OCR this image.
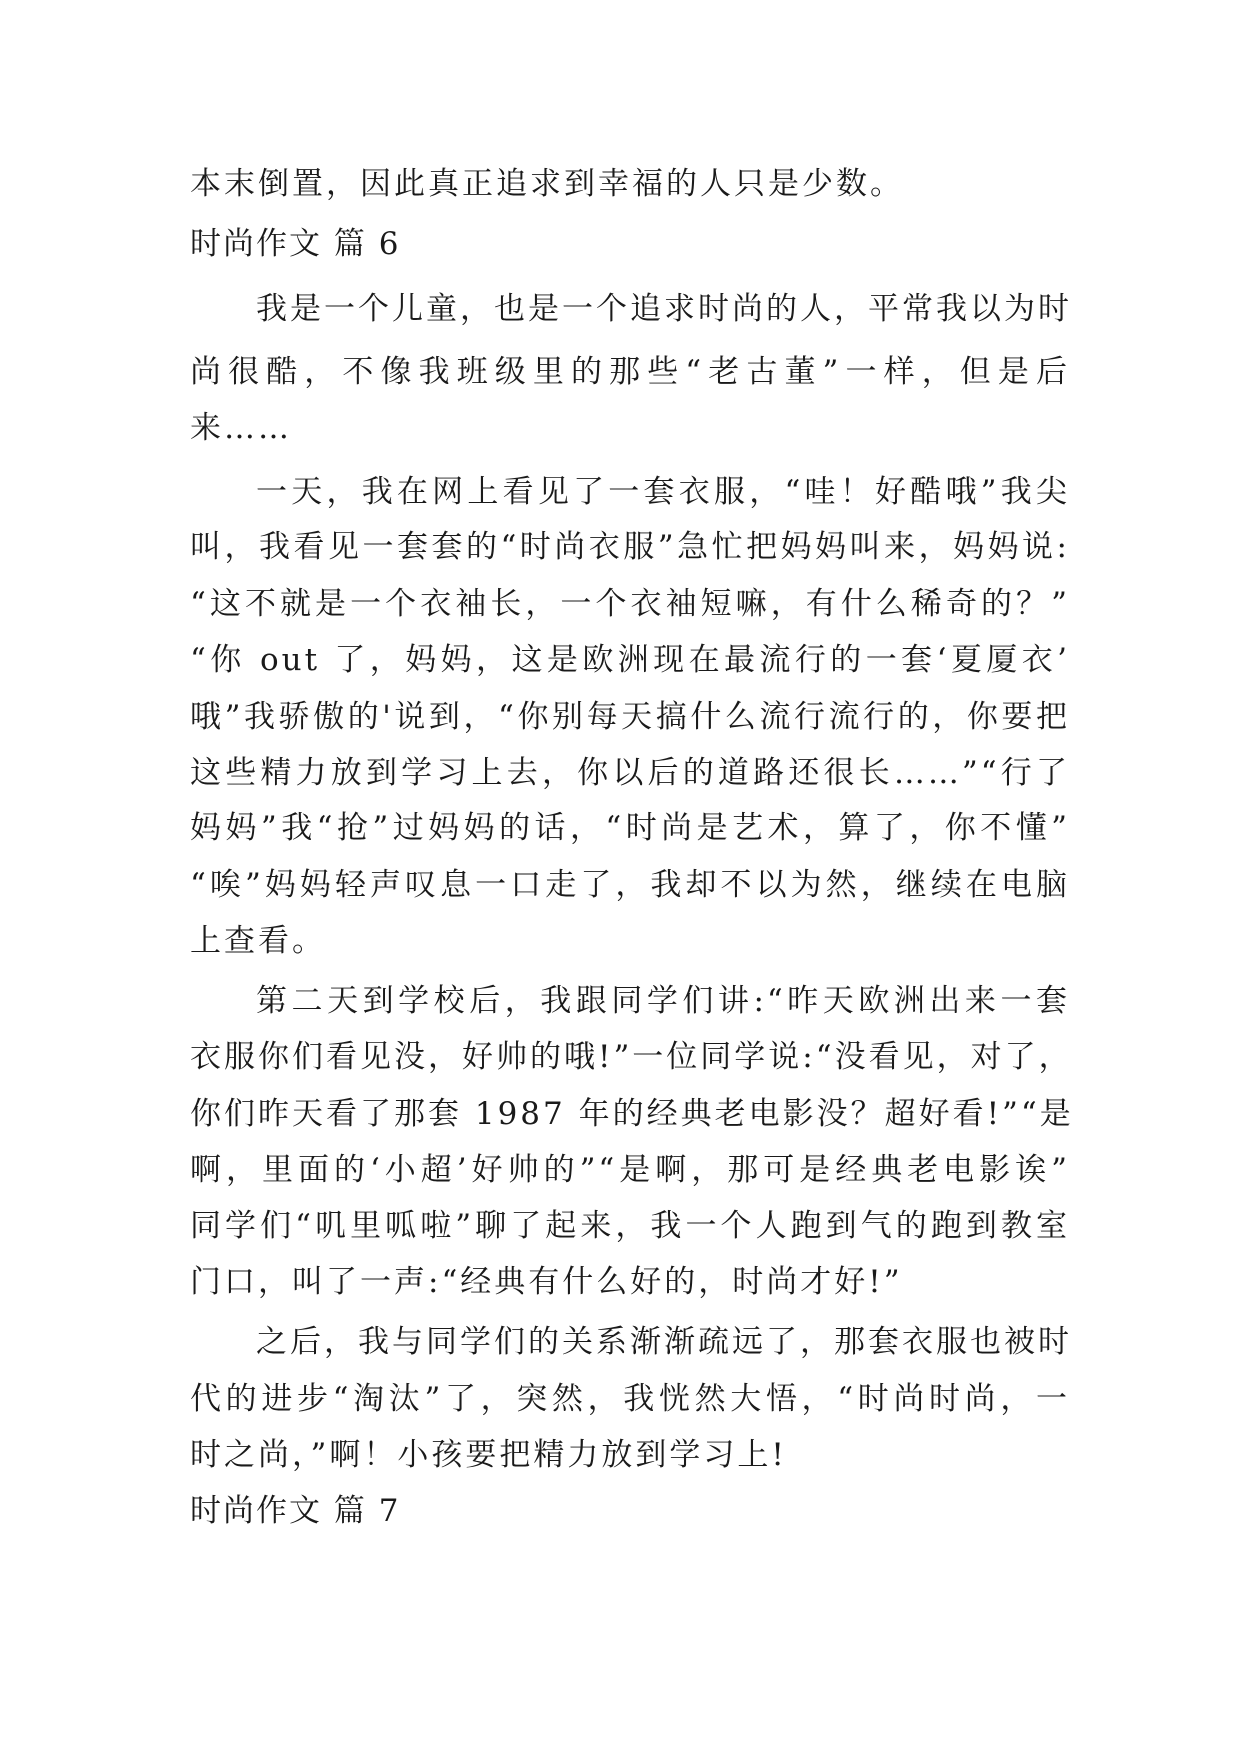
本末倒置，因此真正追求到幸福的人只是少数。
时尚作文 篇 6
我是一个儿童，也是一个追求时尚的人，平常我以为时
尚很酷，不像我班级里的那些“老古董”一样，但是后
来……
一天，我在网上看见了一套衣服，“哇！好酷哦”我尖
叫，我看见一套套的“时尚衣服”急忙把妈妈叫来，妈妈说:
“这不就是一个衣袖长，一个衣袖短嘛，有什么稀奇的？”
“你 out 了，妈妈，这是欧洲现在最流行的一套‘夏厦衣’
哦”我骄傲的'说到，“你别每天搞什么流行流行的，你要把
这些精力放到学习上去，你以后的道路还很长……”“行了
妈妈”我“抢”过妈妈的话，“时尚是艺术，算了，你不懂”
“唉”妈妈轻声叹息一口走了，我却不以为然，继续在电脑
上查看。
第二天到学校后，我跟同学们讲:“昨天欧洲出来一套
衣服你们看见没，好帅的哦!”一位同学说:“没看见，对了，
你们昨天看了那套 1987 年的经典老电影没？超好看!”“是
啊，里面的‘小超’好帅的”“是啊，那可是经典老电影诶”
同学们“叽里呱啦”聊了起来，我一个人跑到气的跑到教室
门口，叫了一声:“经典有什么好的，时尚才好!”
之后，我与同学们的关系渐渐疏远了，那套衣服也被时
代的进步“淘汰”了，突然，我恍然大悟，“时尚时尚，一
时之尚，”啊！小孩要把精力放到学习上!
时尚作文 篇 7
